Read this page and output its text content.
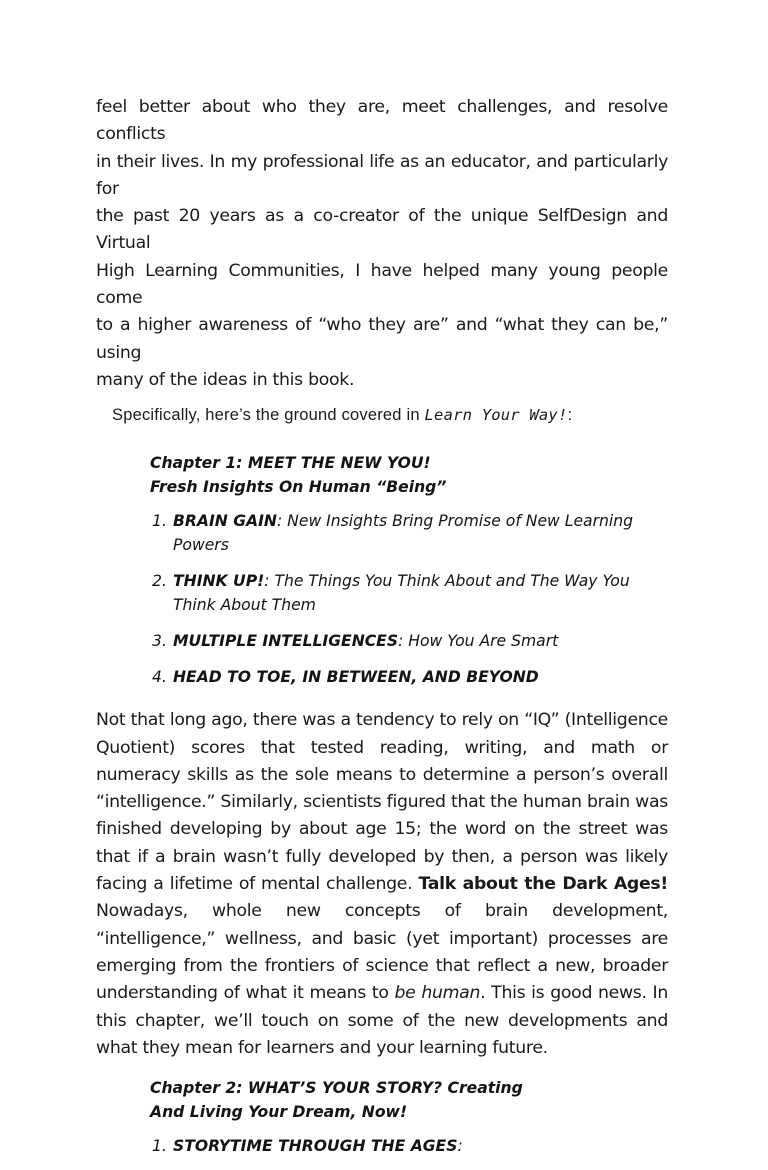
feel better about who they are, meet challenges, and resolve conflicts
in their lives. In my professional life as an educator, and particularly for
the past 20 years as a co-creator of the unique SelfDesign and Virtual
High Learning Communities, I have helped many young people come
to a higher awareness of “who they are” and “what they can be,” using
many of the ideas in this book.

Specifically, here’s the ground covered in Learn Your Way!:

Chapter 1: MEET THE NEW YOU!
Fresh Insights On Human “Being”

1. BRAIN GAIN: New Insights Bring Promise of New Learning Powers
2. THINK UP!: The Things You Think About and The Way You Think About Them
3. MULTIPLE INTELLIGENCES: How You Are Smart
4. HEAD TO TOE, IN BETWEEN, AND BEYOND

Not that long ago, there was a tendency to rely on “IQ” (Intelligence Quotient) scores that tested reading, writing, and math or numeracy skills as the sole means to determine a person’s overall “intelligence.” Similarly, scientists figured that the human brain was finished developing by about age 15; the word on the street was that if a brain wasn’t fully developed by then, a person was likely facing a lifetime of mental challenge. Talk about the Dark Ages! Nowadays, whole new concepts of brain development, “intelligence,” wellness, and basic (yet important) processes are emerging from the frontiers of science that reflect a new, broader understanding of what it means to be human. This is good news. In this chapter, we’ll touch on some of the new developments and what they mean for learners and your learning future.

Chapter 2: WHAT’S YOUR STORY? Creating
And Living Your Dream, Now!

1. STORYTIME THROUGH THE AGES:
